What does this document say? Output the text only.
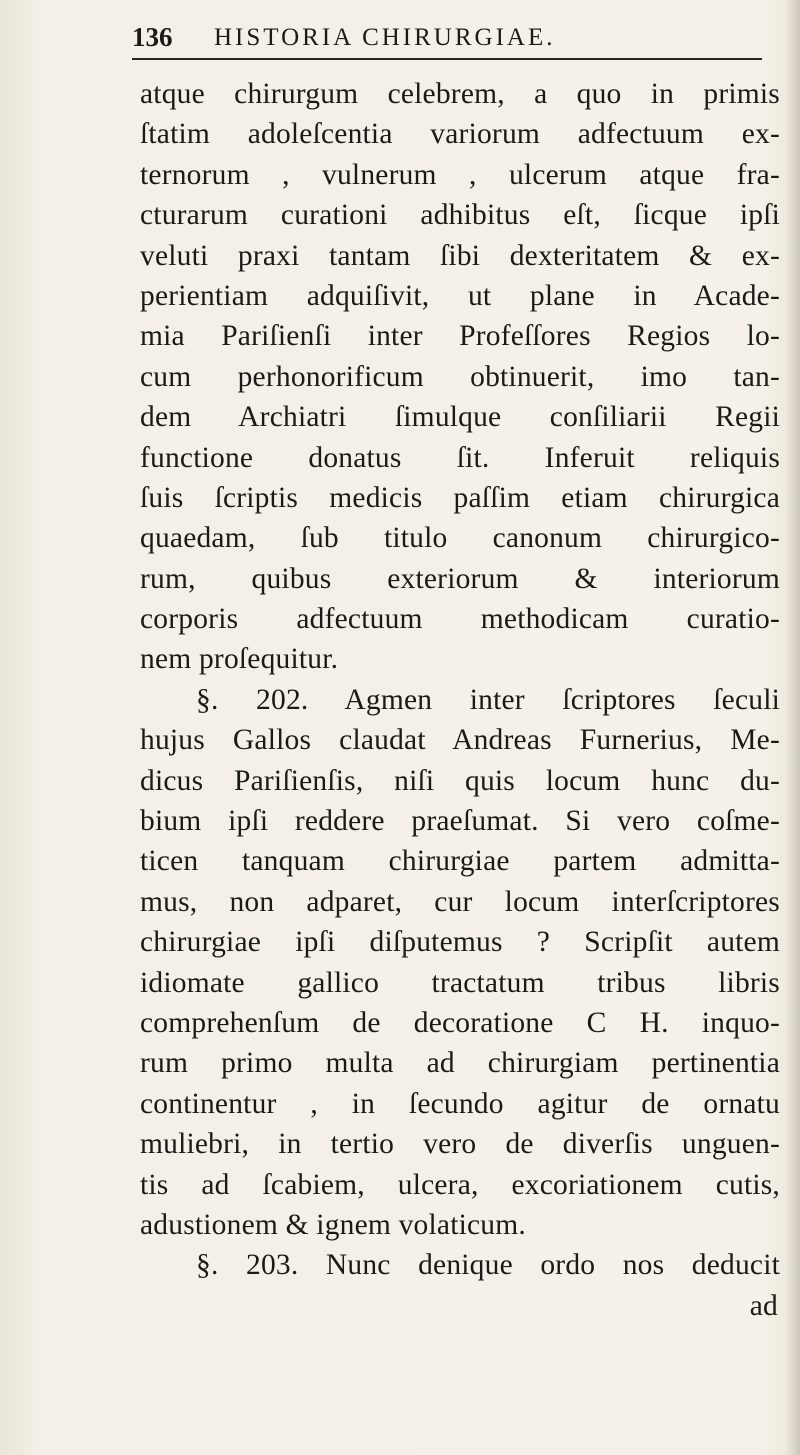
136 HISTORIA CHIRURGIAE.
atque chirurgum celebrem, a quo in primis
ſtatim adoleſcentia variorum adfectuum ex-
ternorum , vulnerum , ulcerum atque fra-
cturarum curationi adhibitus eſt, ſicque ipſi
veluti praxi tantam ſibi dexteritatem & ex-
perientiam adquiſivit, ut plane in Acade-
mia Pariſienſi inter Profeſſores Regios lo-
cum perhonorificum obtinuerit, imo tan-
dem Archiatri ſimulque conſiliarii Regii
functione donatus ſit. Inferuit reliquis
ſuis ſcriptis medicis paſſim etiam chirurgica
quaedam, ſub titulo canonum chirurgico-
rum, quibus exteriorum & interiorum
corporis adfectuum methodicam curatio-
nem proſequitur.
§. 202. Agmen inter ſcriptores ſeculi
hujus Gallos claudat Andreas Furnerius, Me-
dicus Pariſienſis, niſi quis locum hunc du-
bium ipſi reddere praeſumat. Si vero coſme-
ticen tanquam chirurgiae partem admitta-
mus, non adparet, cur locum interſcriptores
chirurgiae ipſi diſputemus ? Scripſit autem
idiomate gallico tractatum tribus libris
comprehenſum de decoratione C H. inquo-
rum primo multa ad chirurgiam pertinentia
continentur , in ſecundo agitur de ornatu
muliebri, in tertio vero de diverſis unguen-
tis ad ſcabiem, ulcera, excoriationem cutis,
adustionem & ignem volaticum.
§. 203. Nunc denique ordo nos deducit
ad
